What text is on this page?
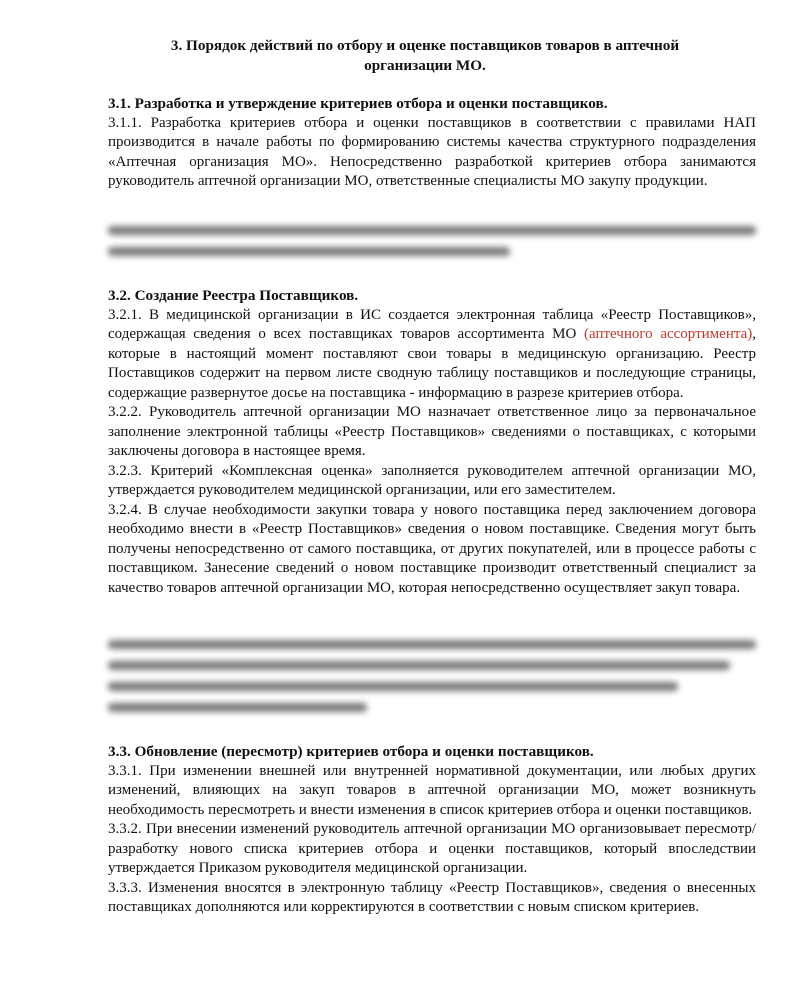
3. Порядок действий по отбору и оценке поставщиков товаров в аптечной
организации МО.

3.1. Разработка и утверждение критериев отбора и оценки поставщиков.

3.1.1. Разработка критериев отбора и оценки поставщиков в соответствии с правилами НАП производится в начале работы по формированию системы качества структурного подразделения «Аптечная организация МО». Непосредственно разработкой критериев отбора занимаются руководитель аптечной организации МО, ответственные специалисты МО закупу продукции.

3.2. Создание Реестра Поставщиков.

3.2.1. В медицинской организации в ИС создается электронная таблица «Реестр Поставщиков», содержащая сведения о всех поставщиках товаров ассортимента МО (аптечного ассортимента), которые в настоящий момент поставляют свои товары в медицинскую организацию. Реестр Поставщиков содержит на первом листе сводную таблицу поставщиков и последующие страницы, содержащие развернутое досье на поставщика - информацию в разрезе критериев отбора.

3.2.2. Руководитель аптечной организации МО назначает ответственное лицо за первоначальное заполнение электронной таблицы «Реестр Поставщиков» сведениями о поставщиках, с которыми заключены договора в настоящее время.

3.2.3. Критерий «Комплексная оценка» заполняется руководителем аптечной организации МО, утверждается руководителем медицинской организации, или его заместителем.

3.2.4. В случае необходимости закупки товара у нового поставщика перед заключением договора необходимо внести в «Реестр Поставщиков» сведения о новом поставщике. Сведения могут быть получены непосредственно от самого поставщика, от других покупателей, или в процессе работы с поставщиком. Занесение сведений о новом поставщике производит ответственный специалист за качество товаров аптечной организации МО, которая непосредственно осуществляет закуп товара.

3.3. Обновление (пересмотр) критериев отбора и оценки поставщиков.

3.3.1. При изменении внешней или внутренней нормативной документации, или любых других изменений, влияющих на закуп товаров в аптечной организации МО, может возникнуть необходимость пересмотреть и внести изменения в список критериев отбора и оценки поставщиков.

3.3.2. При внесении изменений руководитель аптечной организации МО организовывает пересмотр/ разработку нового списка критериев отбора и оценки поставщиков, который впоследствии утверждается Приказом руководителя медицинской организации.

3.3.3. Изменения вносятся в электронную таблицу «Реестр Поставщиков», сведения о внесенных поставщиках дополняются или корректируются в соответствии с новым списком критериев.
